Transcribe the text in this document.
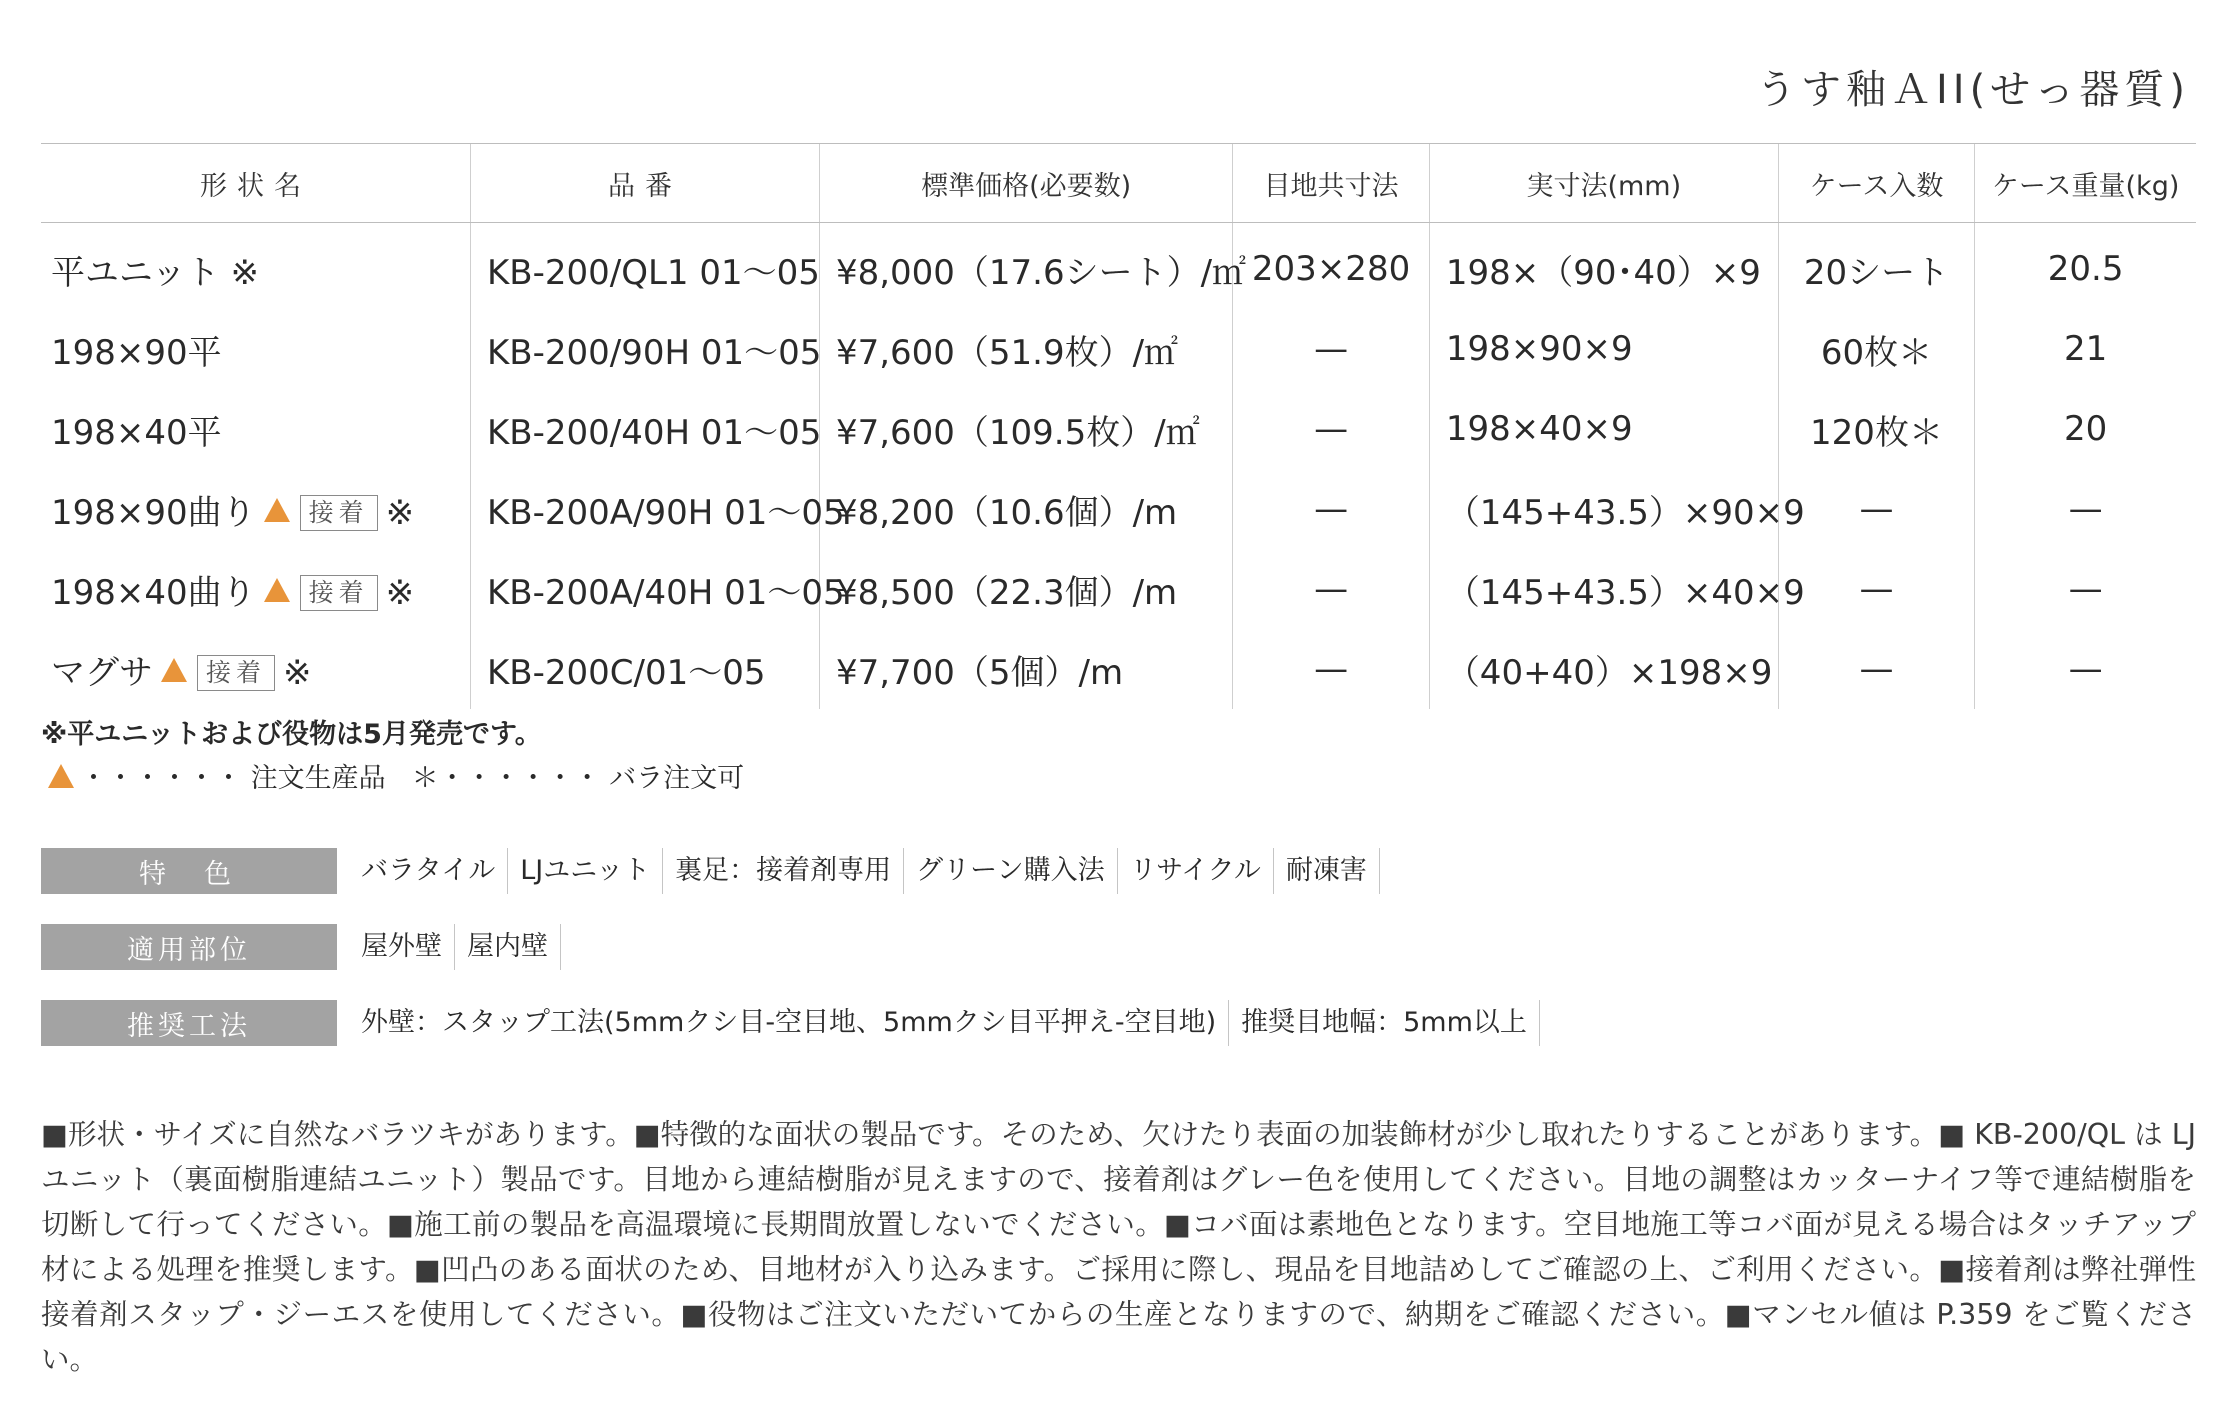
うす釉ＡII(せっ器質)
形状名	品番	標準価格(必要数)	目地共寸法	実寸法(mm)	ケース入数	ケース重量(kg)
平ユニット ※	KB-200/QL1 01～05	¥8,000（17.6シート）/㎡	203×280	198×（90･40）×9	20シート	20.5
198×90平	KB-200/90H 01～05	¥7,600（51.9枚）/㎡	—	198×90×9	60枚＊	21
198×40平	KB-200/40H 01～05	¥7,600（109.5枚）/㎡	—	198×40×9	120枚＊	20
198×90曲り 接着 ※	KB-200A/90H 01～05	¥8,200（10.6個）/m	—	（145+43.5）×90×9	—	—
198×40曲り 接着 ※	KB-200A/40H 01～05	¥8,500（22.3個）/m	—	（145+43.5）×40×9	—	—
マグサ 接着 ※	KB-200C/01～05	¥7,700（5個）/m	—	（40+40）×198×9	—	—
※平ユニットおよび役物は5月発売です。
・・・・・・ 注文生産品 ＊・・・・・・ バラ注文可
特色	バラタイル LJユニット 裏足：接着剤専用 グリーン購入法 リサイクル 耐凍害
適用部位	屋外壁 屋内壁
推奨工法	外壁：スタップ工法(5mmクシ目-空目地、5mmクシ目平押え-空目地) 推奨目地幅：5mm以上

■形状・サイズに自然なバラツキがあります。■特徴的な面状の製品です。そのため、欠けたり表面の加装飾材が少し取れたりすることがあります。■ KB-200/QL は LJ ユニット（裏面樹脂連結ユニット）製品です。目地から連結樹脂が見えますので、接着剤はグレー色を使用してください。目地の調整はカッターナイフ等で連結樹脂を切断して行ってください。■施工前の製品を高温環境に長期間放置しないでください。■コバ面は素地色となります。空目地施工等コバ面が見える場合はタッチアップ材による処理を推奨します。■凹凸のある面状のため、目地材が入り込みます。ご採用に際し、現品を目地詰めしてご確認の上、ご利用ください。■接着剤は弊社弾性接着剤スタップ・ジーエスを使用してください。■役物はご注文いただいてからの生産となりますので、納期をご確認ください。■マンセル値は P.359 をご覧ください。
